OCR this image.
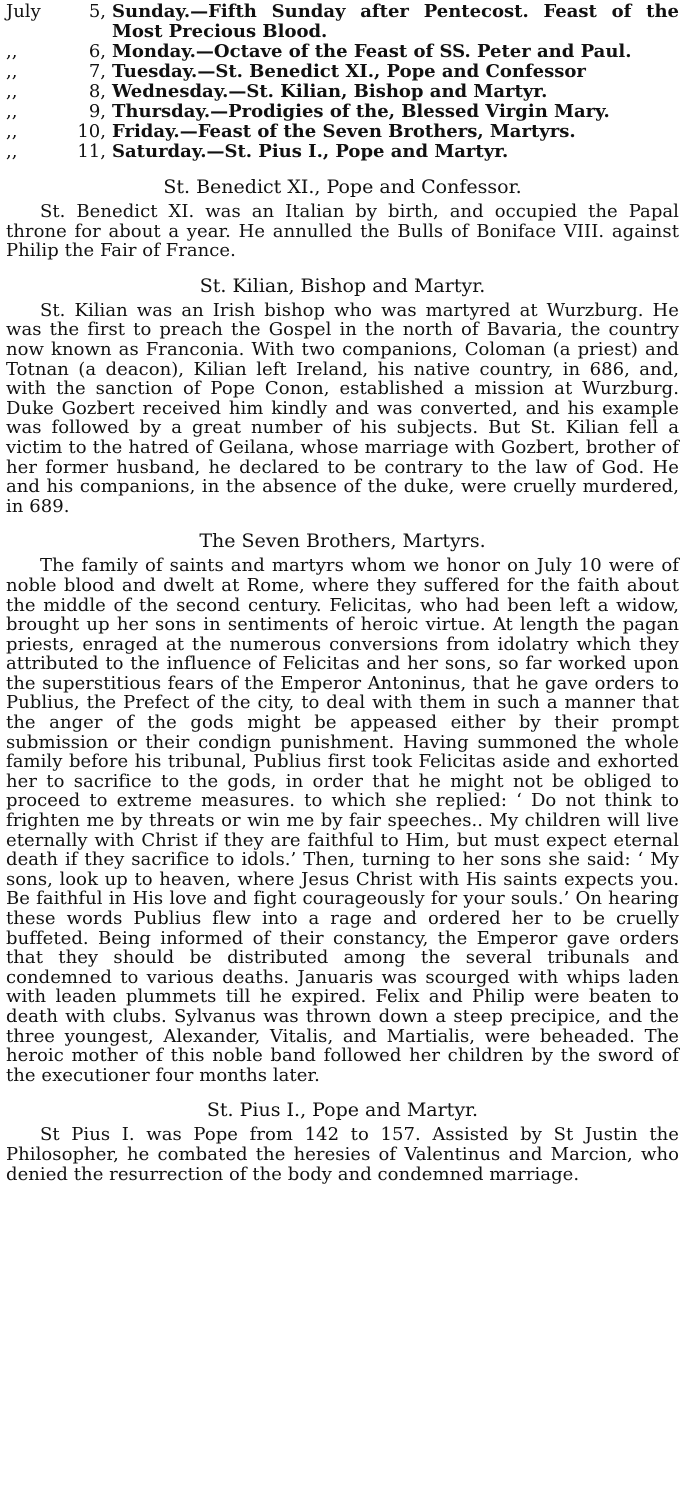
July	5, Sunday.—Fifth Sunday after Pentecost. Feast of the Most Precious Blood.
,,	6, Monday.—Octave of the Feast of SS. Peter and Paul.
,,	7, Tuesday.—St. Benedict XI., Pope and Confessor
,,	8, Wednesday.—St. Kilian, Bishop and Martyr.
,,	9, Thursday.—Prodigies of the, Blessed Virgin Mary.
,,	10, Friday.—Feast of the Seven Brothers, Martyrs.
,,	11, Saturday.—St. Pius I., Pope and Martyr.
St. Benedict XI., Pope and Confessor.

St. Benedict XI. was an Italian by birth, and occupied the Papal throne for about a year. He annulled the Bulls of Boniface VIII. against Philip the Fair of France.

St. Kilian, Bishop and Martyr.

St. Kilian was an Irish bishop who was martyred at Wurzburg. He was the first to preach the Gospel in the north of Bavaria, the country now known as Franconia. With two companions, Coloman (a priest) and Totnan (a deacon), Kilian left Ireland, his native country, in 686, and, with the sanction of Pope Conon, established a mission at Wurzburg. Duke Gozbert received him kindly and was converted, and his example was followed by a great number of his subjects. But St. Kilian fell a victim to the hatred of Geilana, whose marriage with Gozbert, brother of her former husband, he declared to be contrary to the law of God. He and his companions, in the absence of the duke, were cruelly murdered, in 689.

The Seven Brothers, Martyrs.

The family of saints and martyrs whom we honor on July 10 were of noble blood and dwelt at Rome, where they suffered for the faith about the middle of the second century. Felicitas, who had been left a widow, brought up her sons in sentiments of heroic virtue. At length the pagan priests, enraged at the numerous conversions from idolatry which they attributed to the influence of Felicitas and her sons, so far worked upon the superstitious fears of the Emperor Antoninus, that he gave orders to Publius, the Prefect of the city, to deal with them in such a manner that the anger of the gods might be appeased either by their prompt submission or their condign punishment. Having summoned the whole family before his tribunal, Publius first took Felicitas aside and exhorted her to sacrifice to the gods, in order that he might not be obliged to proceed to extreme measures. to which she replied: ‘ Do not think to frighten me by threats or win me by fair speeches.. My children will live eternally with Christ if they are faithful to Him, but must expect eternal death if they sacrifice to idols.’ Then, turning to her sons she said: ‘ My sons, look up to heaven, where Jesus Christ with His saints expects you. Be faithful in His love and fight courageously for your souls.’ On hearing these words Publius flew into a rage and ordered her to be cruelly buffeted. Being informed of their constancy, the Emperor gave orders that they should be distributed among the several tribunals and condemned to various deaths. Januaris was scourged with whips laden with leaden plummets till he expired. Felix and Philip were beaten to death with clubs. Sylvanus was thrown down a steep precipice, and the three youngest, Alexander, Vitalis, and Martialis, were beheaded. The heroic mother of this noble band followed her children by the sword of the executioner four months later.

St. Pius I., Pope and Martyr.

St Pius I. was Pope from 142 to 157. Assisted by St Justin the Philosopher, he combated the heresies of Valentinus and Marcion, who denied the resurrection of the body and condemned marriage.
